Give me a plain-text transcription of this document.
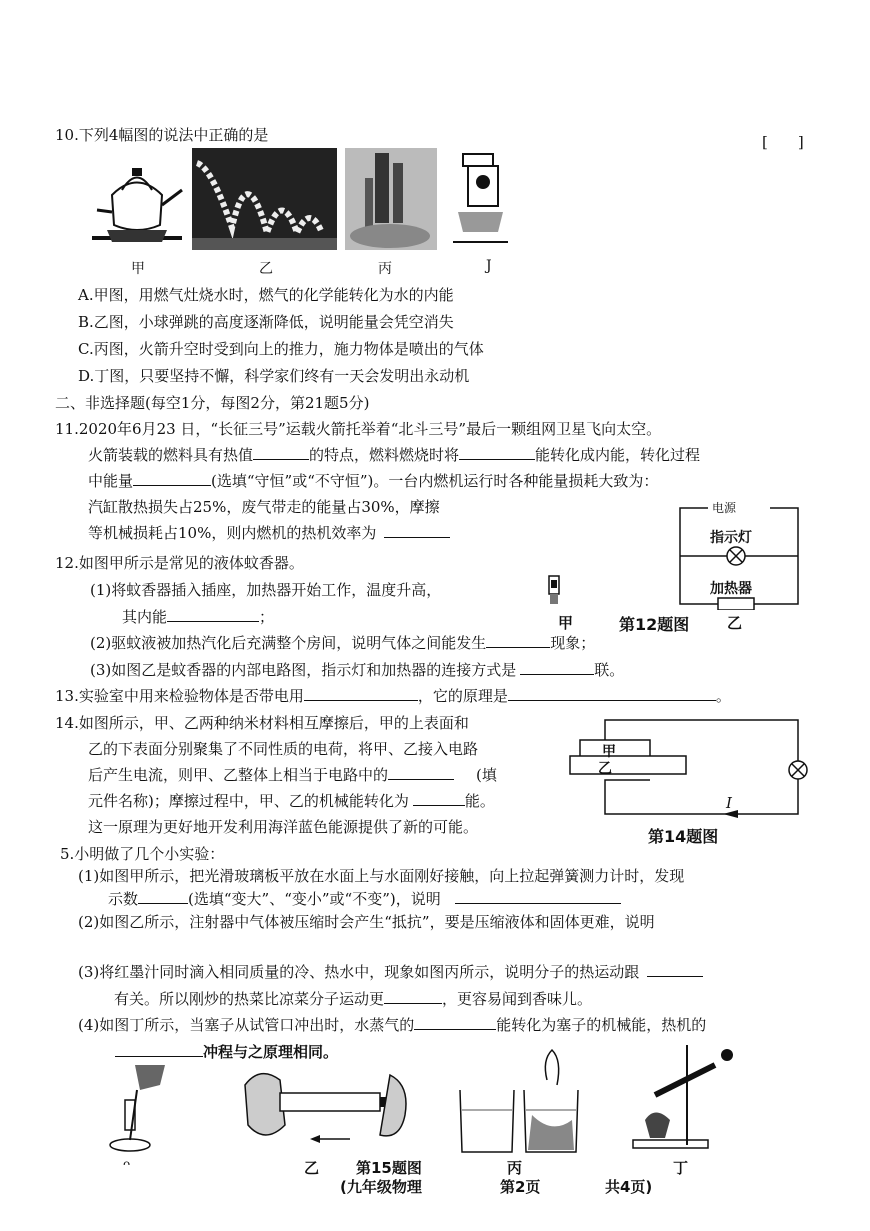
10.下列4幅图的说法中正确的是	[　　]
甲	乙	丙	J
A.甲图，用燃气灶烧水时，燃气的化学能转化为水的内能
B.乙图，小球弹跳的高度逐渐降低，说明能量会凭空消失
C.丙图，火箭升空时受到向上的推力，施力物体是喷出的气体
D.丁图，只要坚持不懈，科学家们终有一天会发明出永动机
二、非选择题(每空1分，每图2分，第21题5分)
11.2020年6月23 日，“长征三号”运载火箭托举着“北斗三号”最后一颗组网卫星飞向太空。
火箭装载的燃料具有热值	的特点，燃料燃烧时将	能转化成内能，转化过程
中能量	(选填“守恒”或“不守恒”)。一台内燃机运行时各种能量损耗大致为：
汽缸散热损失占25%，废气带走的能量占30%，摩擦
等机械损耗占10%，则内燃机的热机效率为
电源
指示灯
加热器
甲	第12题图	乙
12.如图甲所示是常见的液体蚊香器。
(1)将蚊香器插入插座，加热器开始工作，温度升高，
其内能	；
(2)驱蚊液被加热汽化后充满整个房间，说明气体之间能发生	现象；
(3)如图乙是蚊香器的内部电路图，指示灯和加热器的连接方式是	联。
13.实验室中用来检验物体是否带电用	，它的原理是	。
14.如图所示，甲、乙两种纳米材料相互摩擦后，甲的上表面和
乙的下表面分别聚集了不同性质的电荷，将甲、乙接入电路
后产生电流，则甲、乙整体上相当于电路中的	(填
元件名称)；摩擦过程中，甲、乙的机械能转化为	能。
这一原理为更好地开发利用海洋蓝色能源提供了新的可能。
甲
乙
I
第14题图
5.小明做了几个小实验：
(1)如图甲所示，把光滑玻璃板平放在水面上与水面刚好接触，向上拉起弹簧测力计时，发现
示数	(选填“变大”、“变小”或“不变”)，说明
(2)如图乙所示，注射器中气体被压缩时会产生“抵抗”，要是压缩液体和固体更难，说明
(3)将红墨汁同时滴入相同质量的冷、热水中，现象如图丙所示，说明分子的热运动跟
有关。所以刚炒的热菜比凉菜分子运动更	，更容易闻到香味儿。
(4)如图丁所示，当塞子从试管口冲出时，水蒸气的	能转化为塞子的机械能，热机的
冲程与之原理相同。
ᴖ	乙 第15题图	丙	丁
(九年级物理	第2页	共4页)
